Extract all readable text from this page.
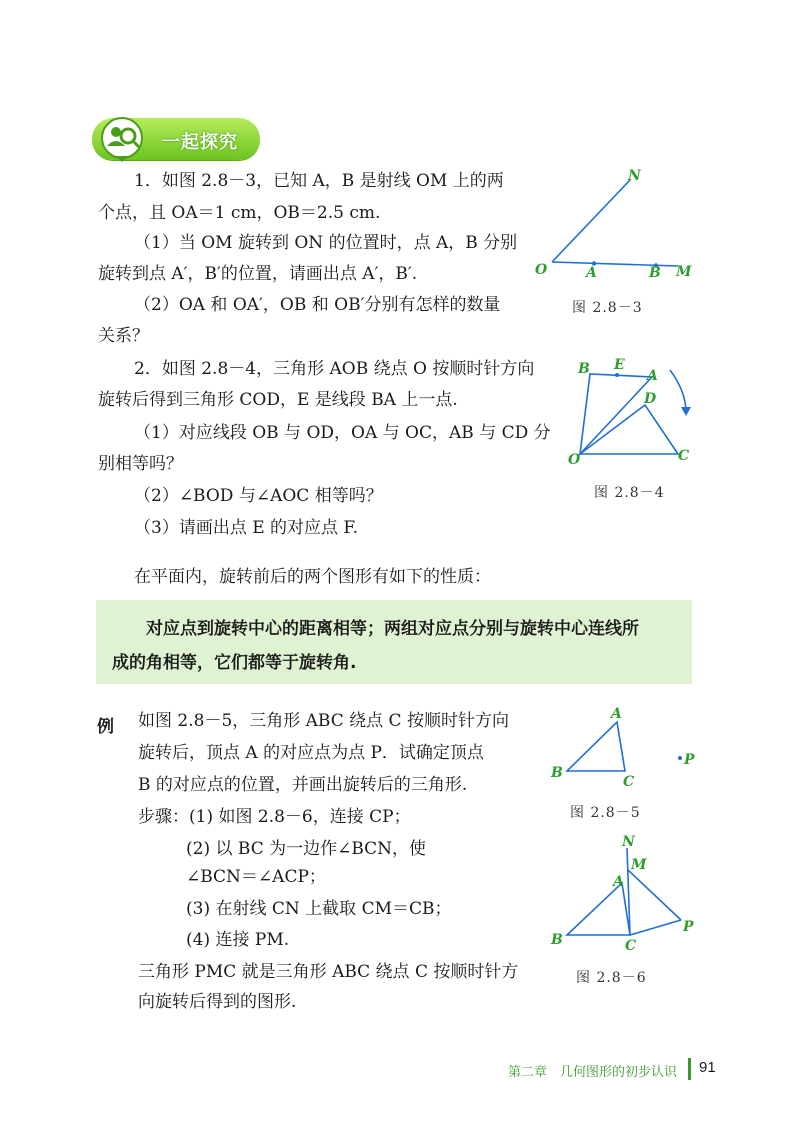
一起探究
1．如图 2.8－3，已知 A，B 是射线 OM 上的两
个点，且 OA＝1 cm，OB＝2.5 cm.
（1）当 OM 旋转到 ON 的位置时，点 A，B 分别
旋转到点 A′，B′的位置，请画出点 A′，B′.
（2）OA 和 OA′，OB 和 OB′分别有怎样的数量
关系？
N
O	A	B M
图 2.8－3
2．如图 2.8－4，三角形 AOB 绕点 O 按顺时针方向
旋转后得到三角形 COD，E 是线段 BA 上一点.
（1）对应线段 OB 与 OD，OA 与 OC，AB 与 CD 分
别相等吗？
（2）∠BOD 与∠AOC 相等吗？
（3）请画出点 E 的对应点 F.
B E
A
D
O	C
图 2.8－4
在平面内，旋转前后的两个图形有如下的性质：
对应点到旋转中心的距离相等；两组对应点分别与旋转中心连线所
成的角相等，它们都等于旋转角.
例 如图 2.8－5，三角形 ABC 绕点 C 按顺时针方向
旋转后，顶点 A 的对应点为点 P．试确定顶点
B 的对应点的位置，并画出旋转后的三角形.
步骤：(1) 如图 2.8－6，连接 CP；
(2) 以 BC 为一边作∠BCN，使
∠BCN＝∠ACP；
(3) 在射线 CN 上截取 CM＝CB；
(4) 连接 PM.
三角形 PMC 就是三角形 ABC 绕点 C 按顺时针方
向旋转后得到的图形.
A
B
C
P
图 2.8－5
N
M
A
B	C
P
图 2.8－6
第二章　几何图形的初步认识 91
